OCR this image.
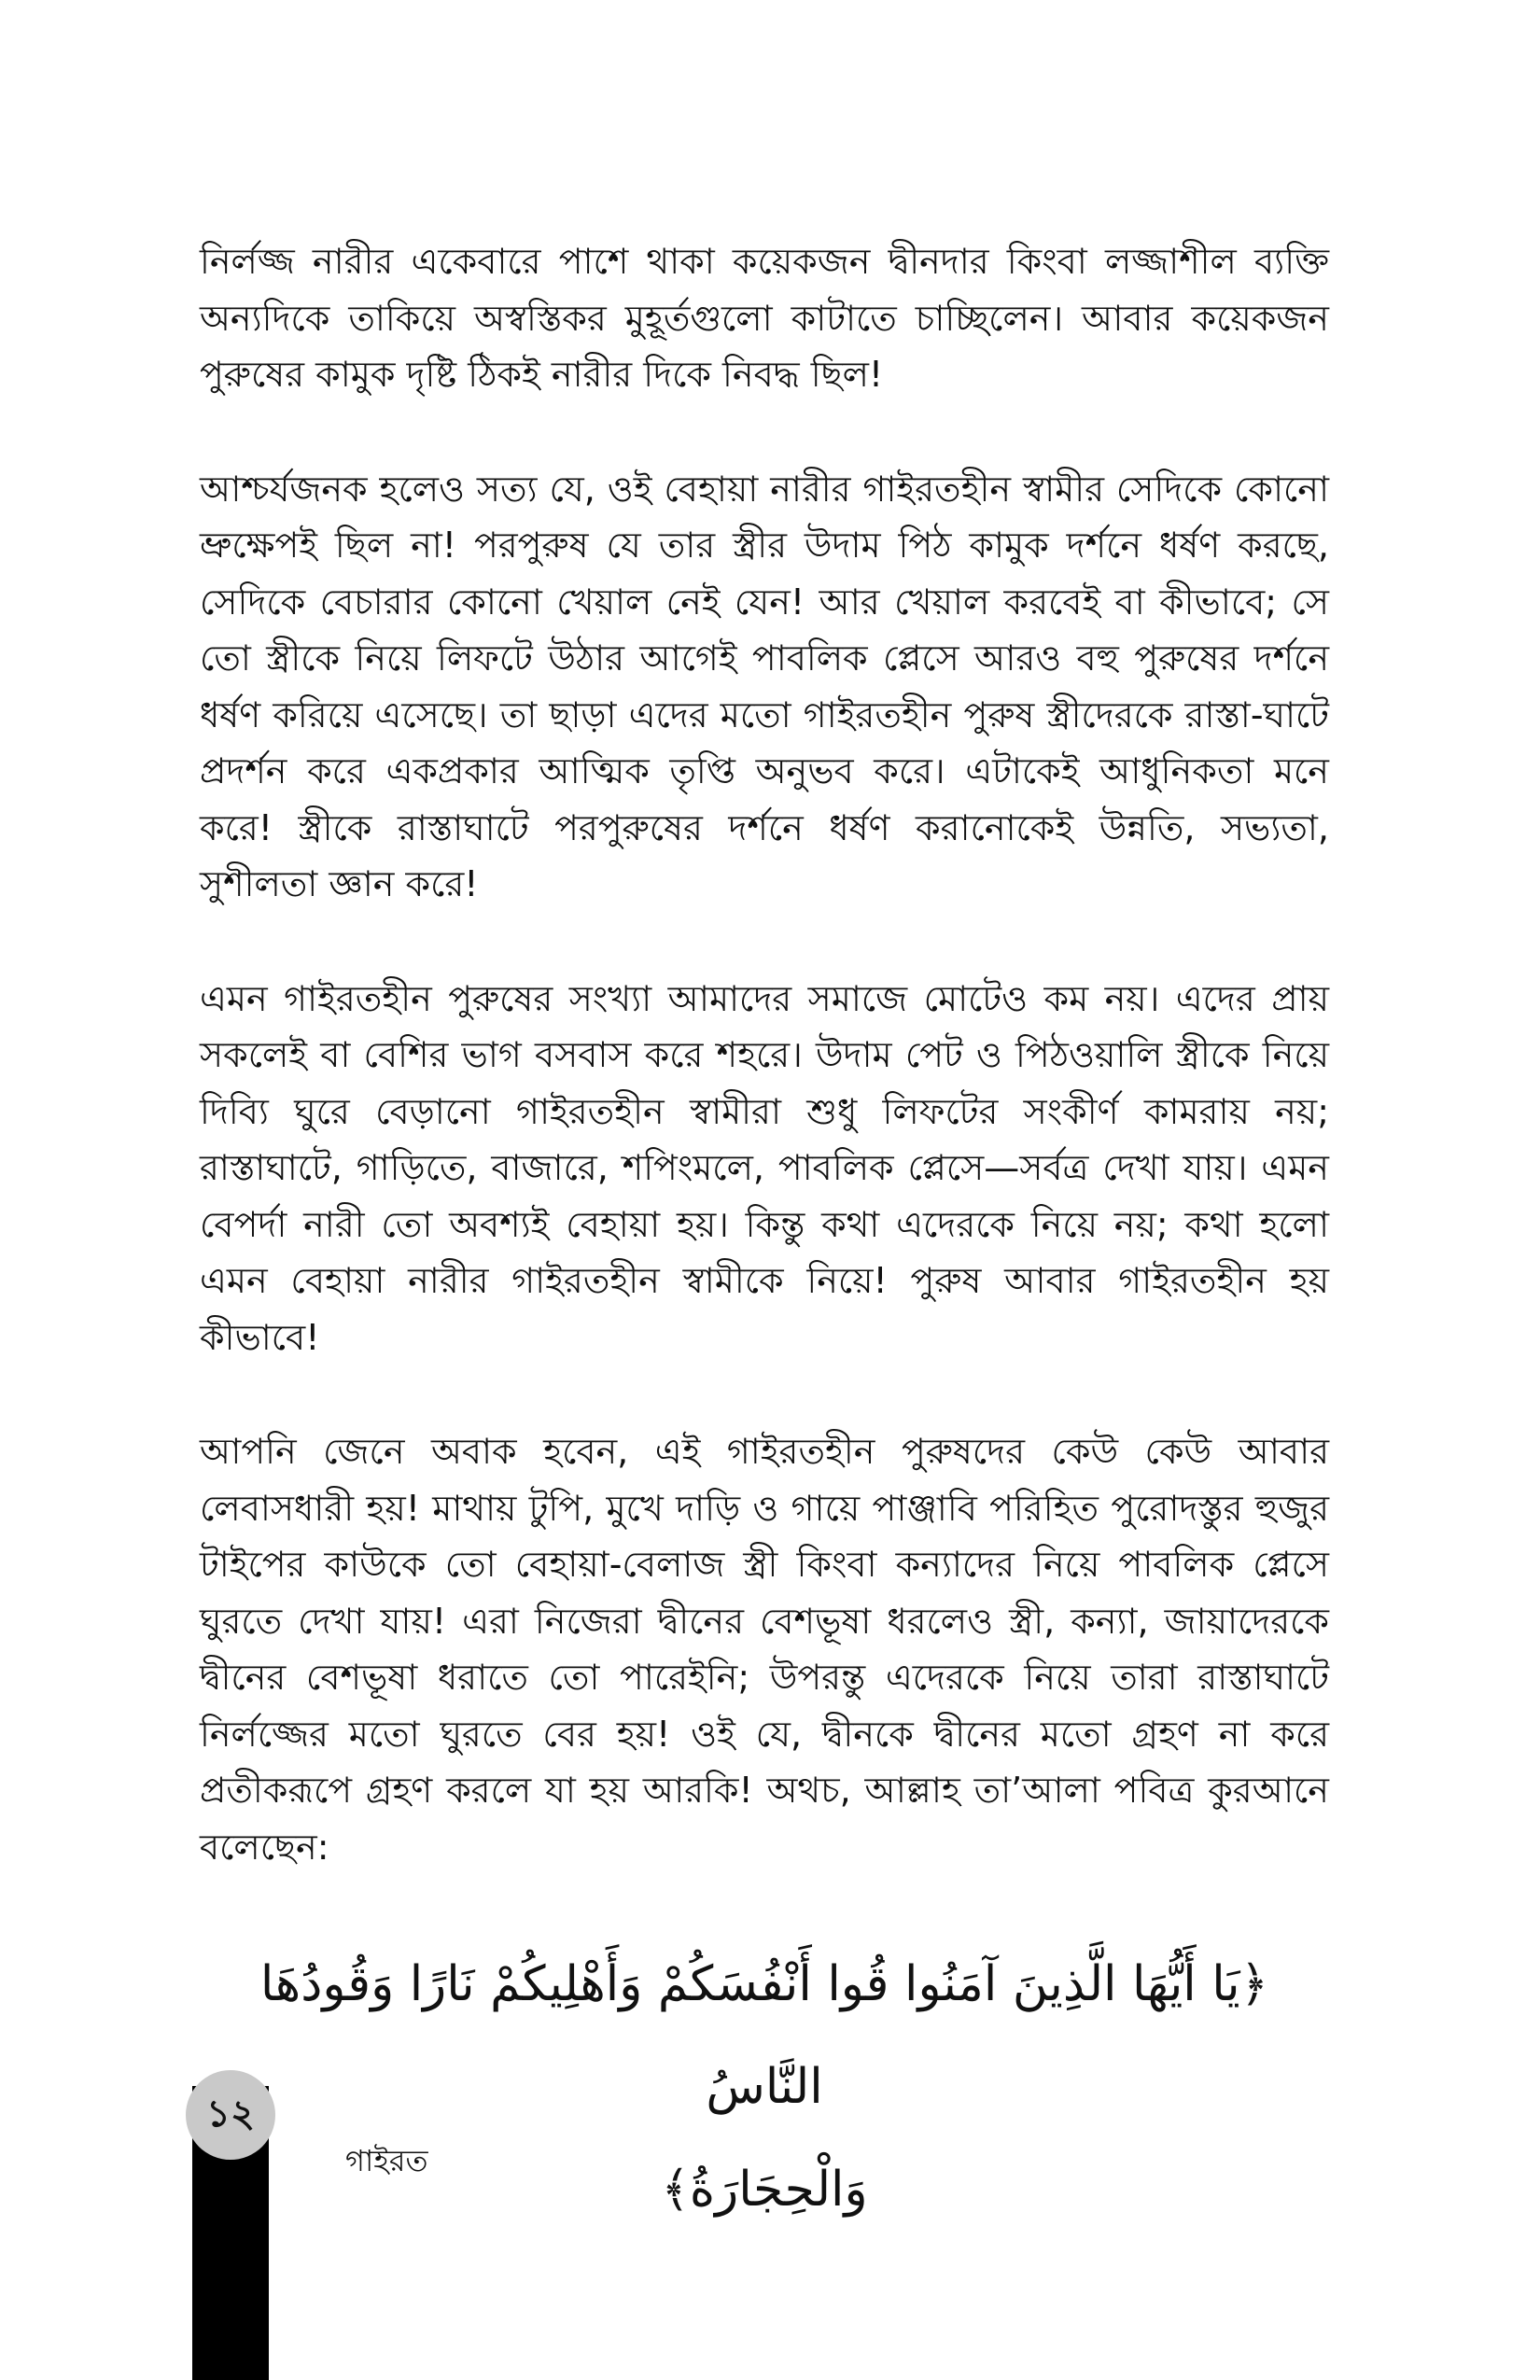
নির্লজ্জ নারীর একেবারে পাশে থাকা কয়েকজন দ্বীনদার কিংবা লজ্জাশীল ব্যক্তি অন্যদিকে তাকিয়ে অস্বস্তিকর মুহূর্তগুলো কাটাতে চাচ্ছিলেন। আবার কয়েকজন পুরুষের কামুক দৃষ্টি ঠিকই নারীর দিকে নিবদ্ধ ছিল!

আশ্চর্যজনক হলেও সত্য যে, ওই বেহায়া নারীর গাইরতহীন স্বামীর সেদিকে কোনো ভ্রুক্ষেপই ছিল না! পরপুরুষ যে তার স্ত্রীর উদাম পিঠ কামুক দর্শনে ধর্ষণ করছে, সেদিকে বেচারার কোনো খেয়াল নেই যেন! আর খেয়াল করবেই বা কীভাবে; সে তো স্ত্রীকে নিয়ে লিফটে উঠার আগেই পাবলিক প্লেসে আরও বহু পুরুষের দর্শনে ধর্ষণ করিয়ে এসেছে। তা ছাড়া এদের মতো গাইরতহীন পুরুষ স্ত্রীদেরকে রাস্তা-ঘাটে প্রদর্শন করে একপ্রকার আত্মিক তৃপ্তি অনুভব করে। এটাকেই আধুনিকতা মনে করে! স্ত্রীকে রাস্তাঘাটে পরপুরুষের দর্শনে ধর্ষণ করানোকেই উন্নতি, সভ্যতা, সুশীলতা জ্ঞান করে!

এমন গাইরতহীন পুরুষের সংখ্যা আমাদের সমাজে মোটেও কম নয়। এদের প্রায় সকলেই বা বেশির ভাগ বসবাস করে শহরে। উদাম পেট ও পিঠওয়ালি স্ত্রীকে নিয়ে দিব্যি ঘুরে বেড়ানো গাইরতহীন স্বামীরা শুধু লিফটের সংকীর্ণ কামরায় নয়; রাস্তাঘাটে, গাড়িতে, বাজারে, শপিংমলে, পাবলিক প্লেসে—সর্বত্র দেখা যায়। এমন বেপর্দা নারী তো অবশ্যই বেহায়া হয়। কিন্তু কথা এদেরকে নিয়ে নয়; কথা হলো এমন বেহায়া নারীর গাইরতহীন স্বামীকে নিয়ে! পুরুষ আবার গাইরতহীন হয় কীভাবে!

আপনি জেনে অবাক হবেন, এই গাইরতহীন পুরুষদের কেউ কেউ আবার লেবাসধারী হয়! মাথায় টুপি, মুখে দাড়ি ও গায়ে পাঞ্জাবি পরিহিত পুরোদস্তুর হুজুর টাইপের কাউকে তো বেহায়া-বেলাজ স্ত্রী কিংবা কন্যাদের নিয়ে পাবলিক প্লেসে ঘুরতে দেখা যায়! এরা নিজেরা দ্বীনের বেশভূষা ধরলেও স্ত্রী, কন্যা, জায়াদেরকে দ্বীনের বেশভূষা ধরাতে তো পারেইনি; উপরন্তু এদেরকে নিয়ে তারা রাস্তাঘাটে নির্লজ্জের মতো ঘুরতে বের হয়! ওই যে, দ্বীনকে দ্বীনের মতো গ্রহণ না করে প্রতীকরূপে গ্রহণ করলে যা হয় আরকি! অথচ, আল্লাহ তা’আলা পবিত্র কুরআনে বলেছেন:

﴿يَا أَيُّهَا الَّذِينَ آمَنُوا قُوا أَنْفُسَكُمْ وَأَهْلِيكُمْ نَارًا وَقُودُهَا النَّاسُ
وَالْحِجَارَةُ﴾
১২
গাইরত
